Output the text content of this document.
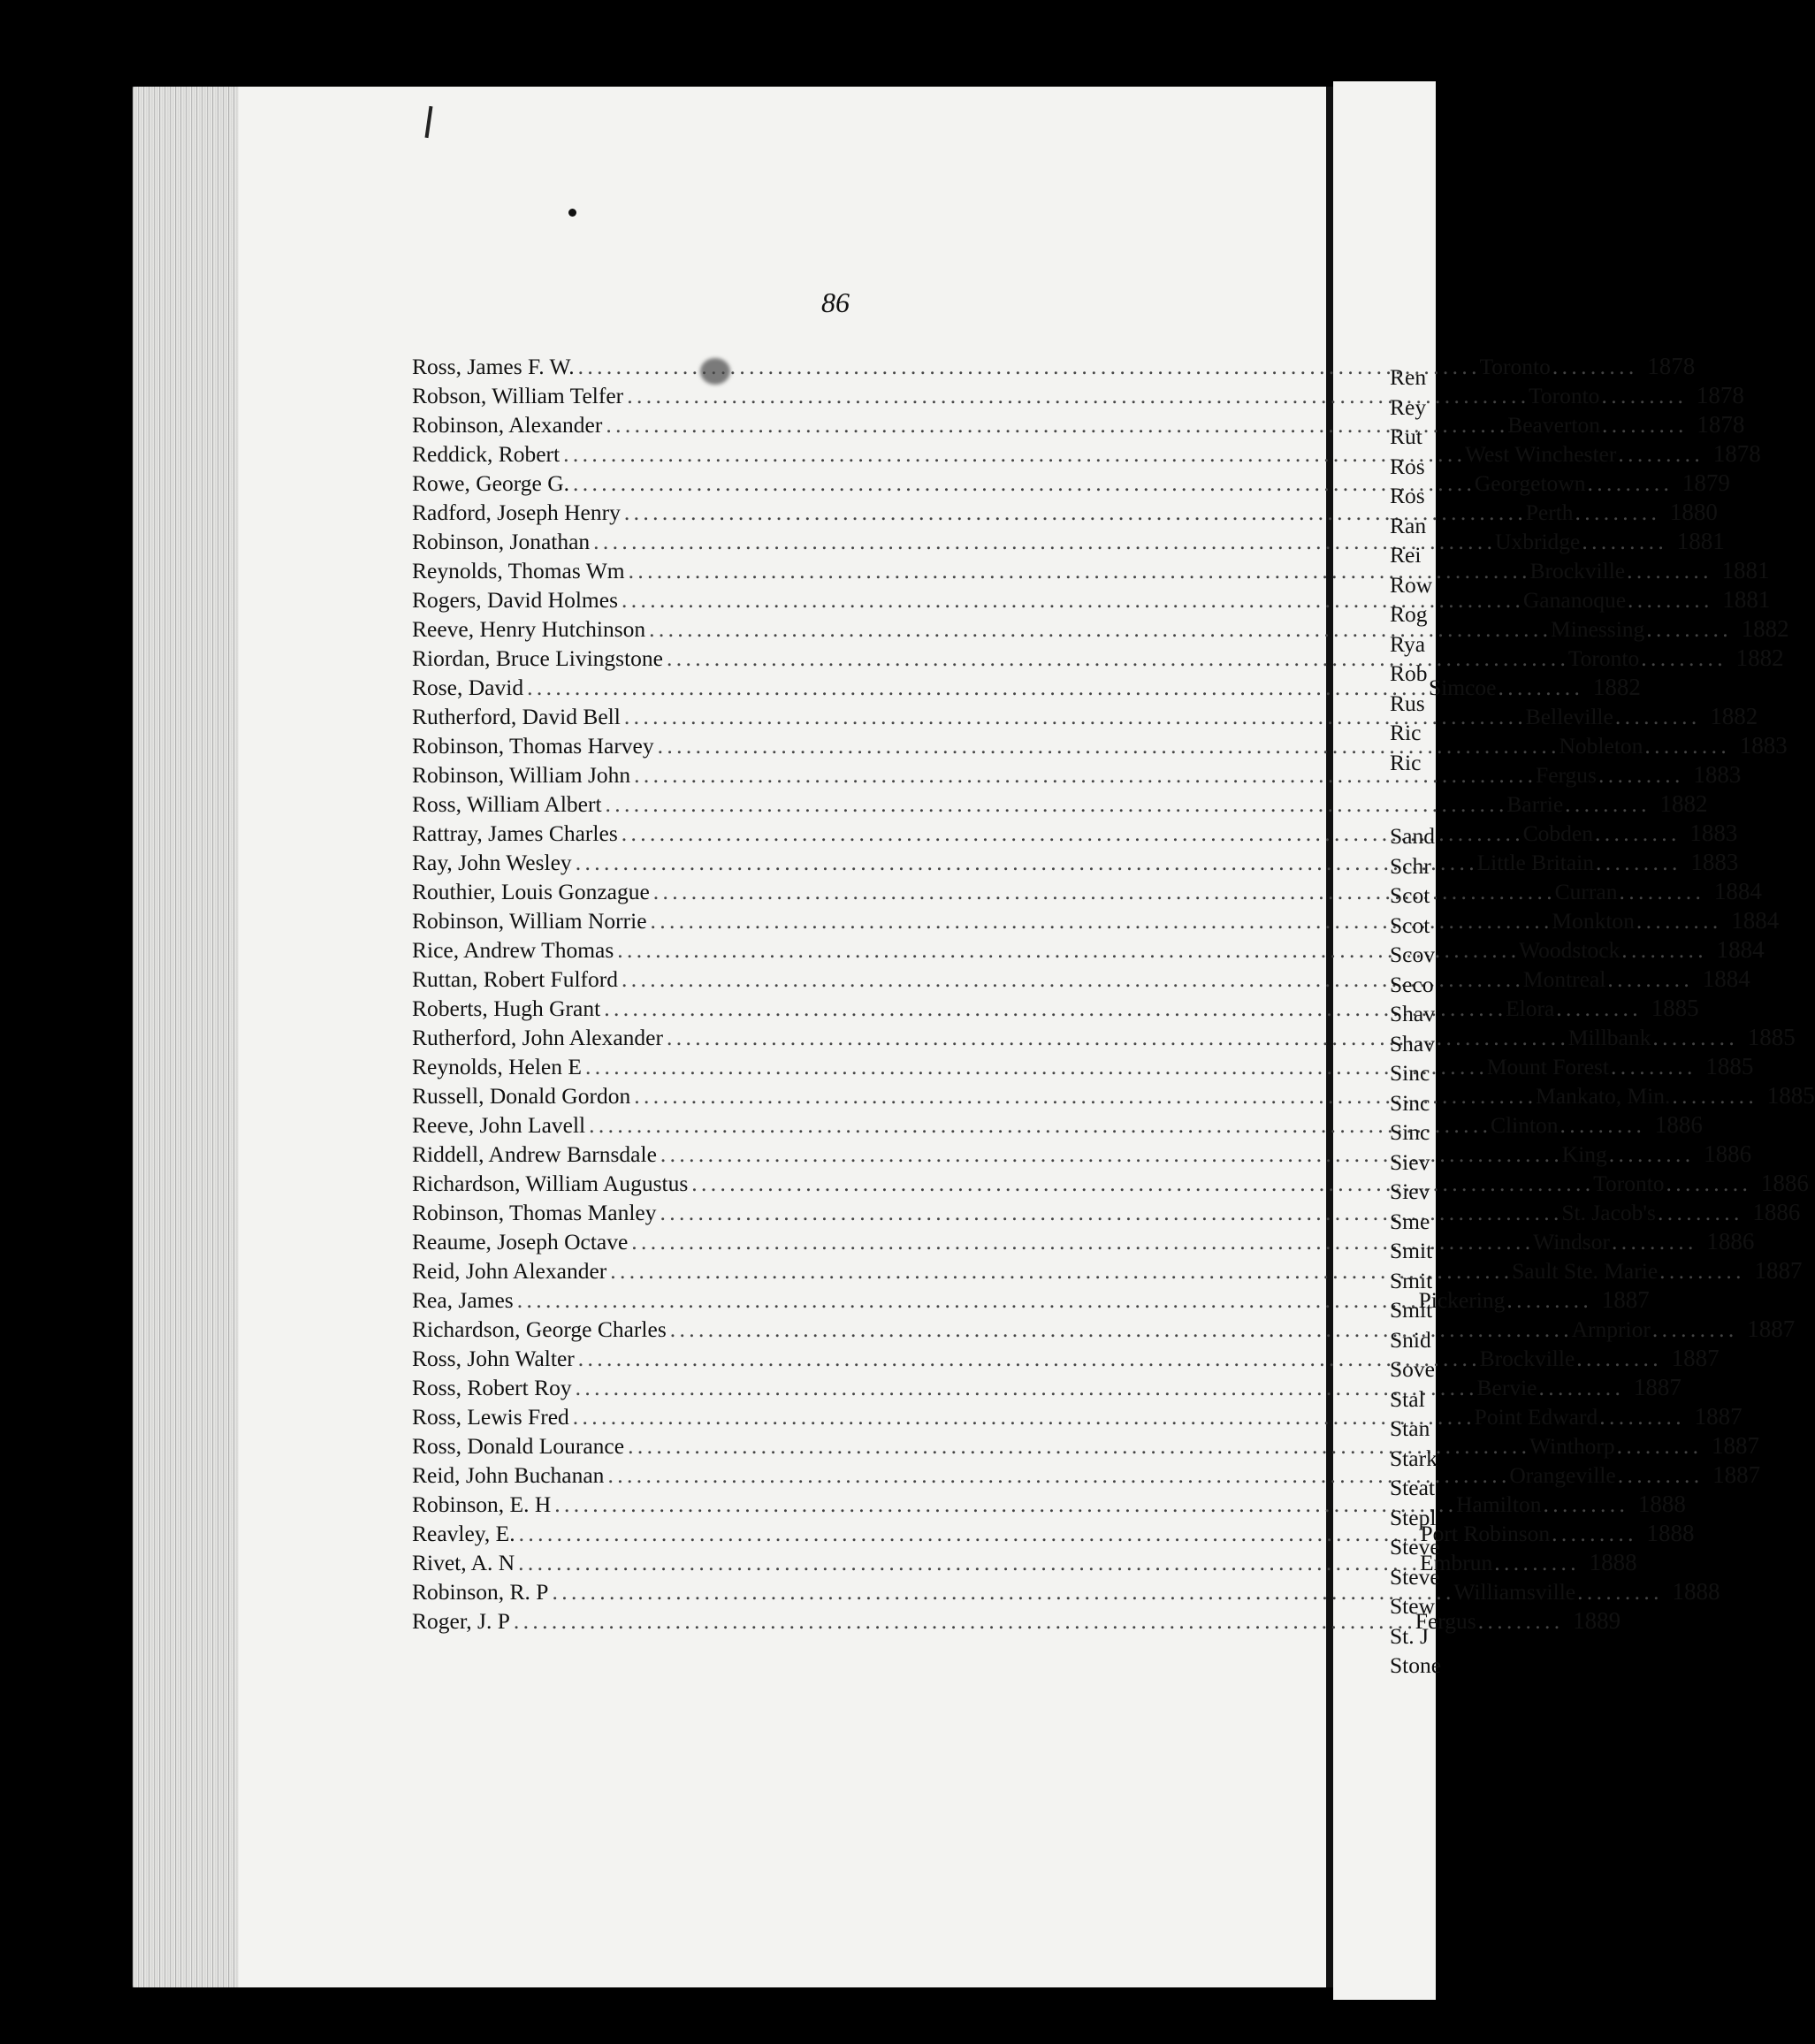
86
Ross, James F. W. . . .	Toronto . . .	1878
Robson, William Telfer . . .	Toronto . . .	1878
Robinson, Alexander . . .	Beaverton . . .	1878
Reddick, Robert . . .	West Winchester . . .	1878
Rowe, George G. . . .	Georgetown . . .	1879
Radford, Joseph Henry . . .	Perth . . .	1880
Robinson, Jonathan . . .	Uxbridge . . .	1881
Reynolds, Thomas Wm . . .	Brockville . . .	1881
Rogers, David Holmes . . .	Gananoque . . .	1881
Reeve, Henry Hutchinson . . .	Minessing . . .	1882
Riordan, Bruce Livingstone . . .	Toronto . . .	1882
Rose, David . . .	Simcoe . . .	1882
Rutherford, David Bell . . .	Belleville . . .	1882
Robinson, Thomas Harvey . . .	Nobleton . . .	1883
Robinson, William John . . .	Fergus . . .	1883
Ross, William Albert . . .	Barrie . . .	1882
Rattray, James Charles . . .	Cobden . . .	1883
Ray, John Wesley . . .	Little Britain . . .	1883
Routhier, Louis Gonzague . . .	Curran . . .	1884
Robinson, William Norrie . . .	Monkton . . .	1884
Rice, Andrew Thomas . . .	Woodstock . . .	1884
Ruttan, Robert Fulford . . .	Montreal . . .	1884
Roberts, Hugh Grant . . .	Elora . . .	1885
Rutherford, John Alexander . . .	Millbank . . .	1885
Reynolds, Helen E . . .	Mount Forest . . .	1885
Russell, Donald Gordon . . .	Mankato, Min. . . .	1885
Reeve, John Lavell . . .	Clinton . . .	1886
Riddell, Andrew Barnsdale . . .	King . . .	1886
Richardson, William Augustus . . .	Toronto . . .	1886
Robinson, Thomas Manley . . .	St. Jacob's . . .	1886
Reaume, Joseph Octave . . .	Windsor . . .	1886
Reid, John Alexander . . .	Sault Ste. Marie . . .	1887
Rea, James . . .	Pickering . . .	1887
Richardson, George Charles . . .	Arnprior . . .	1887
Ross, John Walter . . .	Brockville . . .	1887
Ross, Robert Roy . . .	Bervie . . .	1887
Ross, Lewis Fred . . .	Point Edward . . .	1887
Ross, Donald Lourance . . .	Winthorp . . .	1887
Reid, John Buchanan . . .	Orangeville . . .	1887
Robinson, E. H . . .	Hamilton . . .	1888
Reavley, E. . . .	Port Robinson . . .	1888
Rivet, A. N . . .	Embrun . . .	1888
Robinson, R. P . . .	Williamsville . . .	1888
Roger, J. P . . .	Fergus . . .	1889
Ren
Rey
Rut
Ros
Ros
Ran
Rei
Row
Rog
Rya
Rob
Rus
Ric
Ric
Sand
Schr
Scot
Scot
Scov
Seco
Shav
Shav
Sinc
Sinc
Sinc
Siev
Siev
Sme
Smit
Smit
Smit
Snid
Sove
Stal
Stan
Stark
Steat
Stepl
Steve
Steve
Stew
St. J
Stone
